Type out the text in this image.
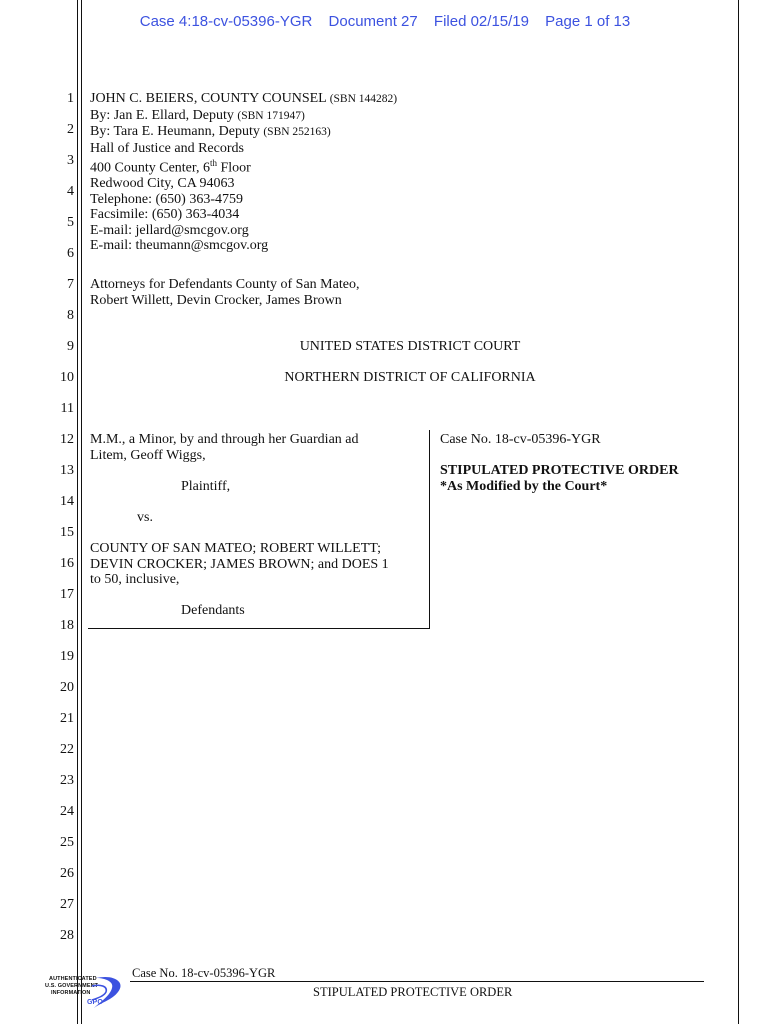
Case 4:18-cv-05396-YGR Document 27 Filed 02/15/19 Page 1 of 13
1
2
3
4
5
6
7
8
9
10
11
12
13
14
15
16
17
18
19
20
21
22
23
24
25
26
27
28
JOHN C. BEIERS, COUNTY COUNSEL (SBN 144282)
By: Jan E. Ellard, Deputy (SBN 171947)
By: Tara E. Heumann, Deputy (SBN 252163)
Hall of Justice and Records
400 County Center, 6th Floor
Redwood City, CA 94063
Telephone: (650) 363-4759
Facsimile: (650) 363-4034
E-mail: jellard@smcgov.org
E-mail: theumann@smcgov.org
Attorneys for Defendants County of San Mateo,
Robert Willett, Devin Crocker, James Brown
UNITED STATES DISTRICT COURT
NORTHERN DISTRICT OF CALIFORNIA
M.M., a Minor, by and through her Guardian ad
Litem, Geoff Wiggs,
Plaintiff,
vs.
COUNTY OF SAN MATEO; ROBERT WILLETT;
DEVIN CROCKER; JAMES BROWN; and DOES 1
to 50, inclusive,
Defendants
Case No. 18-cv-05396-YGR
STIPULATED PROTECTIVE ORDER
*As Modified by the Court*
Case No. 18-cv-05396-YGR
STIPULATED PROTECTIVE ORDER
AUTHENTICATED
U.S. GOVERNMENT
INFORMATION
GPO
